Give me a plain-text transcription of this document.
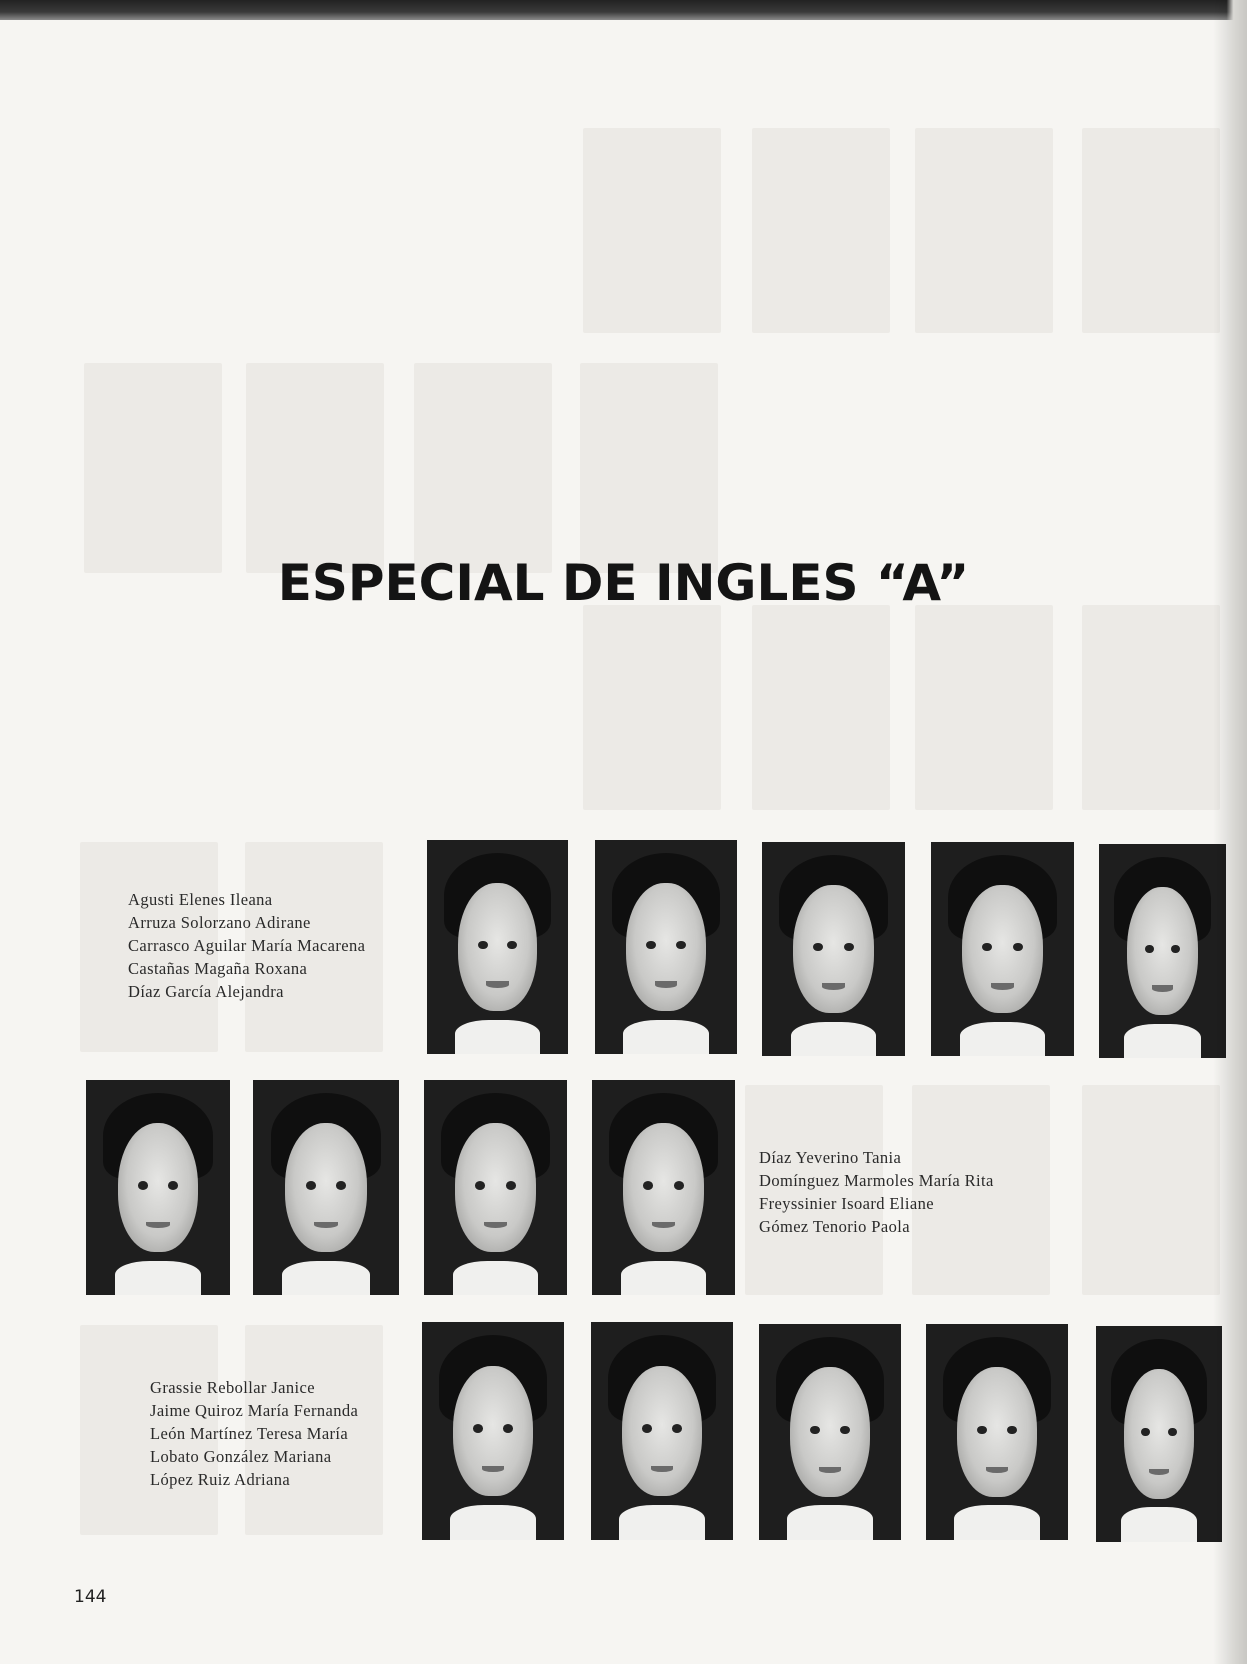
ESPECIAL DE INGLES “A”
Agusti Elenes Ileana
Arruza Solorzano Adirane
Carrasco Aguilar María Macarena
Castañas Magaña Roxana
Díaz García Alejandra
Díaz Yeverino Tania
Domínguez Marmoles María Rita
Freyssinier Isoard Eliane
Gómez Tenorio Paola
Grassie Rebollar Janice
Jaime Quiroz María Fernanda
León Martínez Teresa María
Lobato González Mariana
López Ruiz Adriana
144
